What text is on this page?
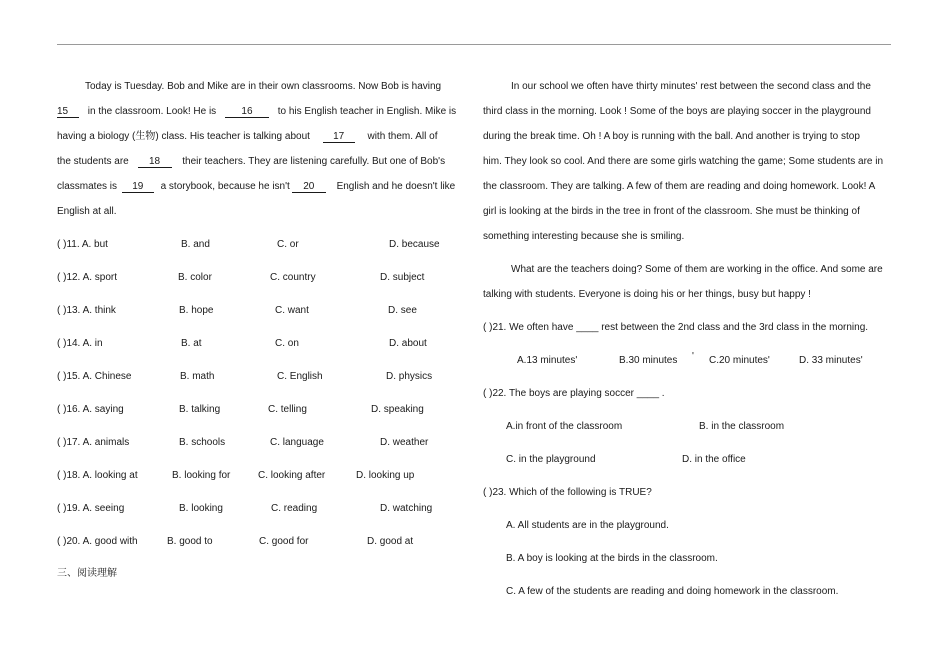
Today is Tuesday. Bob and Mike are in their own classrooms. Now Bob is having
15 in the classroom. Look! He is	16	to his English teacher in English. Mike is
having a biology (生物) class. His teacher is talking about 17 with them. All of
the students are 18 their teachers. They are listening carefully. But one of Bob's
classmates is 19 a storybook, because he isn't 20 English and he doesn't like
English at all.
( )11. A. but	B. and	C. or	D. because
( )12. A. sport	B. color	C. country	D. subject
( )13. A. think	B. hope	C. want	D. see
( )14. A. in	B. at	C. on	D. about
( )15. A. Chinese	B. math	C. English	D. physics
( )16. A. saying	B. talking	C. telling	D. speaking
( )17. A. animals	B. schools	C. language	D. weather
( )18. A. looking at	B. looking for	C. looking after	D. looking up
( )19. A. seeing	B. looking	C. reading	D. watching
( )20. A. good with	B. good to	C. good for	D. good at
三、阅读理解
In our school we often have thirty minutes' rest between the second class and the
third class in the morning. Look ! Some of the boys are playing soccer in the playground
during the break time. Oh ! A boy is running with the ball. And another is trying to stop
him. They look so cool. And there are some girls watching the game; Some students are in
the classroom. They are talking. A few of them are reading and doing homework. Look! A
girl is looking at the birds in the tree in front of the classroom. She must be thinking of
something interesting because she is smiling.
What are the teachers doing? Some of them are working in the office. And some are
talking with students. Everyone is doing his or her things, busy but happy !
( )21. We often have ____ rest between the 2nd class and the 3rd class in the morning.
A.13 minutes'	B.30 minutes ' C.20 minutes'	D. 33 minutes'
( )22. The boys are playing soccer ____ .
A.in front of the classroom	B. in the classroom
C. in the playground	D. in the office
( )23. Which of the following is TRUE?
A. All students are in the playground.
B. A boy is looking at the birds in the classroom.
C. A few of the students are reading and doing homework in the classroom.
